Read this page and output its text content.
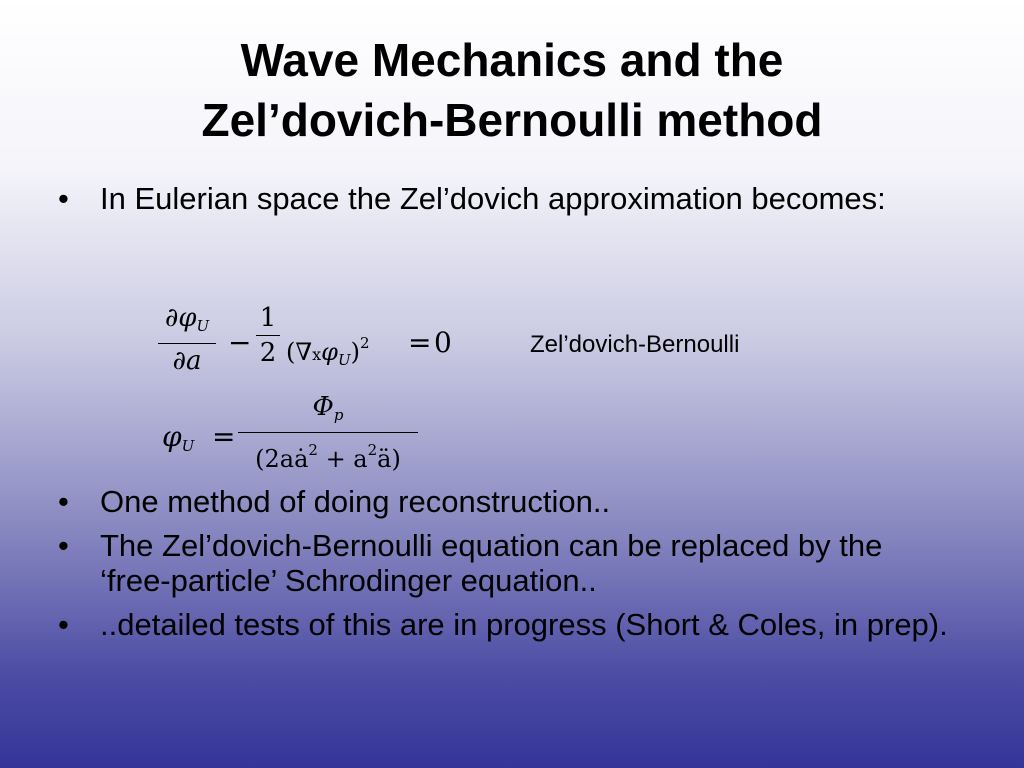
Wave Mechanics and the
Zel’dovich-Bernoulli method
• In Eulerian space the Zel’dovich approximation becomes:
$\partial\varphi_U$
∂a
−
1
2 $(\nabla x\varphi_U)^2 = 0$	Zel’dovich-Bernoulli
$\varphi_U$ =
$\Phi_p$
($2aȧ^2$ + $a^2ä$)
• One method of doing reconstruction..
• The Zel’dovich-Bernoulli equation can be replaced by the ‘free-particle’ Schrodinger equation..
• ..detailed tests of this are in progress (Short & Coles, in prep).
